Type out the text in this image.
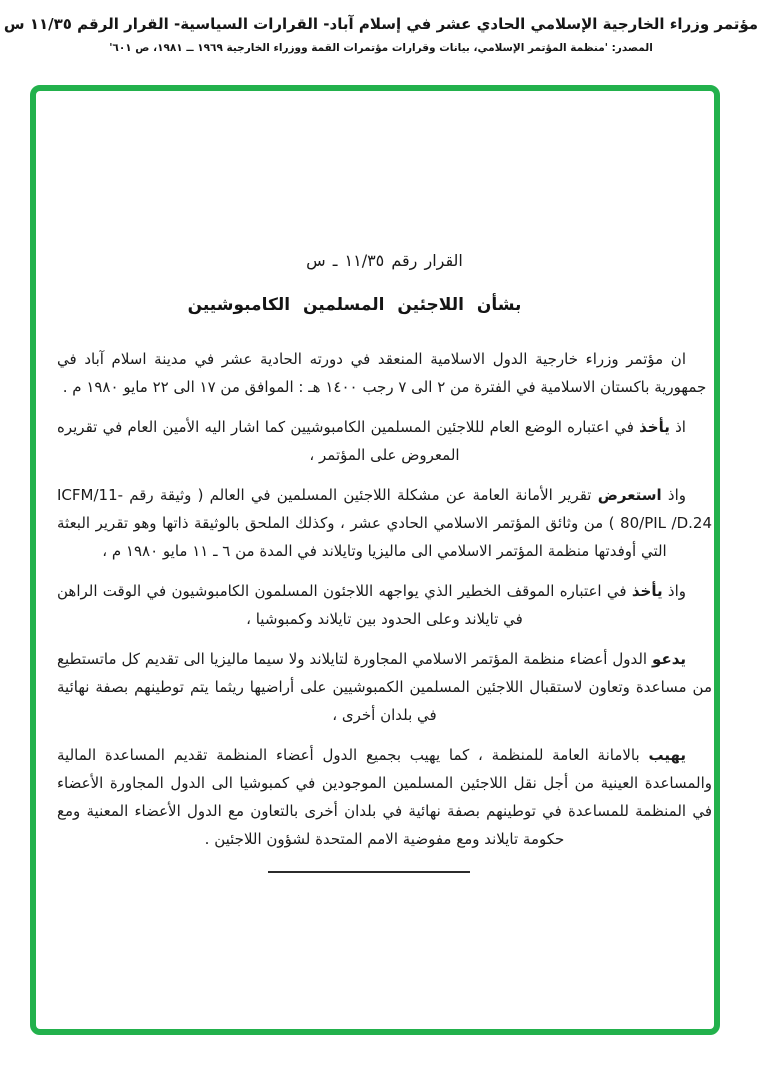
مؤتمر وزراء الخارجية الإسلامي الحادي عشر في إسلام آباد- القرارات السياسية- القرار الرقم ١١/٣٥ س
المصدر: 'منظمة المؤتمر الإسلامي، بيانات وقرارات مؤتمرات القمة ووزراء الخارجية ١٩٦٩ ــ ١٩٨١، ص ٦٠١'
القرار رقم ١١/٣٥ ـ س
بشأن اللاجئين المسلمين الكامبوشيين

ان مؤتمر وزراء خارجية الدول الاسلامية المنعقد في دورته الحادية عشر في مدينة اسلام آباد في جمهورية باكستان الاسلامية في الفترة من ٢ الى ٧ رجب ١٤٠٠ هـ : الموافق من ١٧ الى ٢٢ مايو ١٩٨٠ م .

اذ يأخذ في اعتباره الوضع العام لللاجئين المسلمين الكامبوشيين كما اشار اليه الأمين العام في تقريره المعروض على المؤتمر ،

واذ استعرض تقرير الأمانة العامة عن مشكلة اللاجئين المسلمين في العالم ( وثيقة رقم ICFM/11-80/PIL /D.24 ) من وثائق المؤتمر الاسلامي الحادي عشر ، وكذلك الملحق بالوثيقة ذاتها وهو تقرير البعثة التي أوفدتها منظمة المؤتمر الاسلامي الى ماليزيا وتايلاند في المدة من ٦ ـ ١١ مايو ١٩٨٠ م ،

واذ يأخذ في اعتباره الموقف الخطير الذي يواجهه اللاجئون المسلمون الكامبوشيون في الوقت الراهن في تايلاند وعلى الحدود بين تايلاند وكمبوشيا ،

يدعو الدول أعضاء منظمة المؤتمر الاسلامي المجاورة لتايلاند ولا سيما ماليزيا الى تقديم كل ماتستطيع من مساعدة وتعاون لاستقبال اللاجئين المسلمين الكمبوشيين على أراضيها ريثما يتم توطينهم بصفة نهائية في بلدان أخرى ،

يهيب بالامانة العامة للمنظمة ، كما يهيب بجميع الدول أعضاء المنظمة تقديم المساعدة المالية والمساعدة العينية من أجل نقل اللاجئين المسلمين الموجودين في كمبوشيا الى الدول المجاورة الأعضاء في المنظمة للمساعدة في توطينهم بصفة نهائية في بلدان أخرى بالتعاون مع الدول الأعضاء المعنية ومع حكومة تايلاند ومع مفوضية الامم المتحدة لشؤون اللاجئين .
